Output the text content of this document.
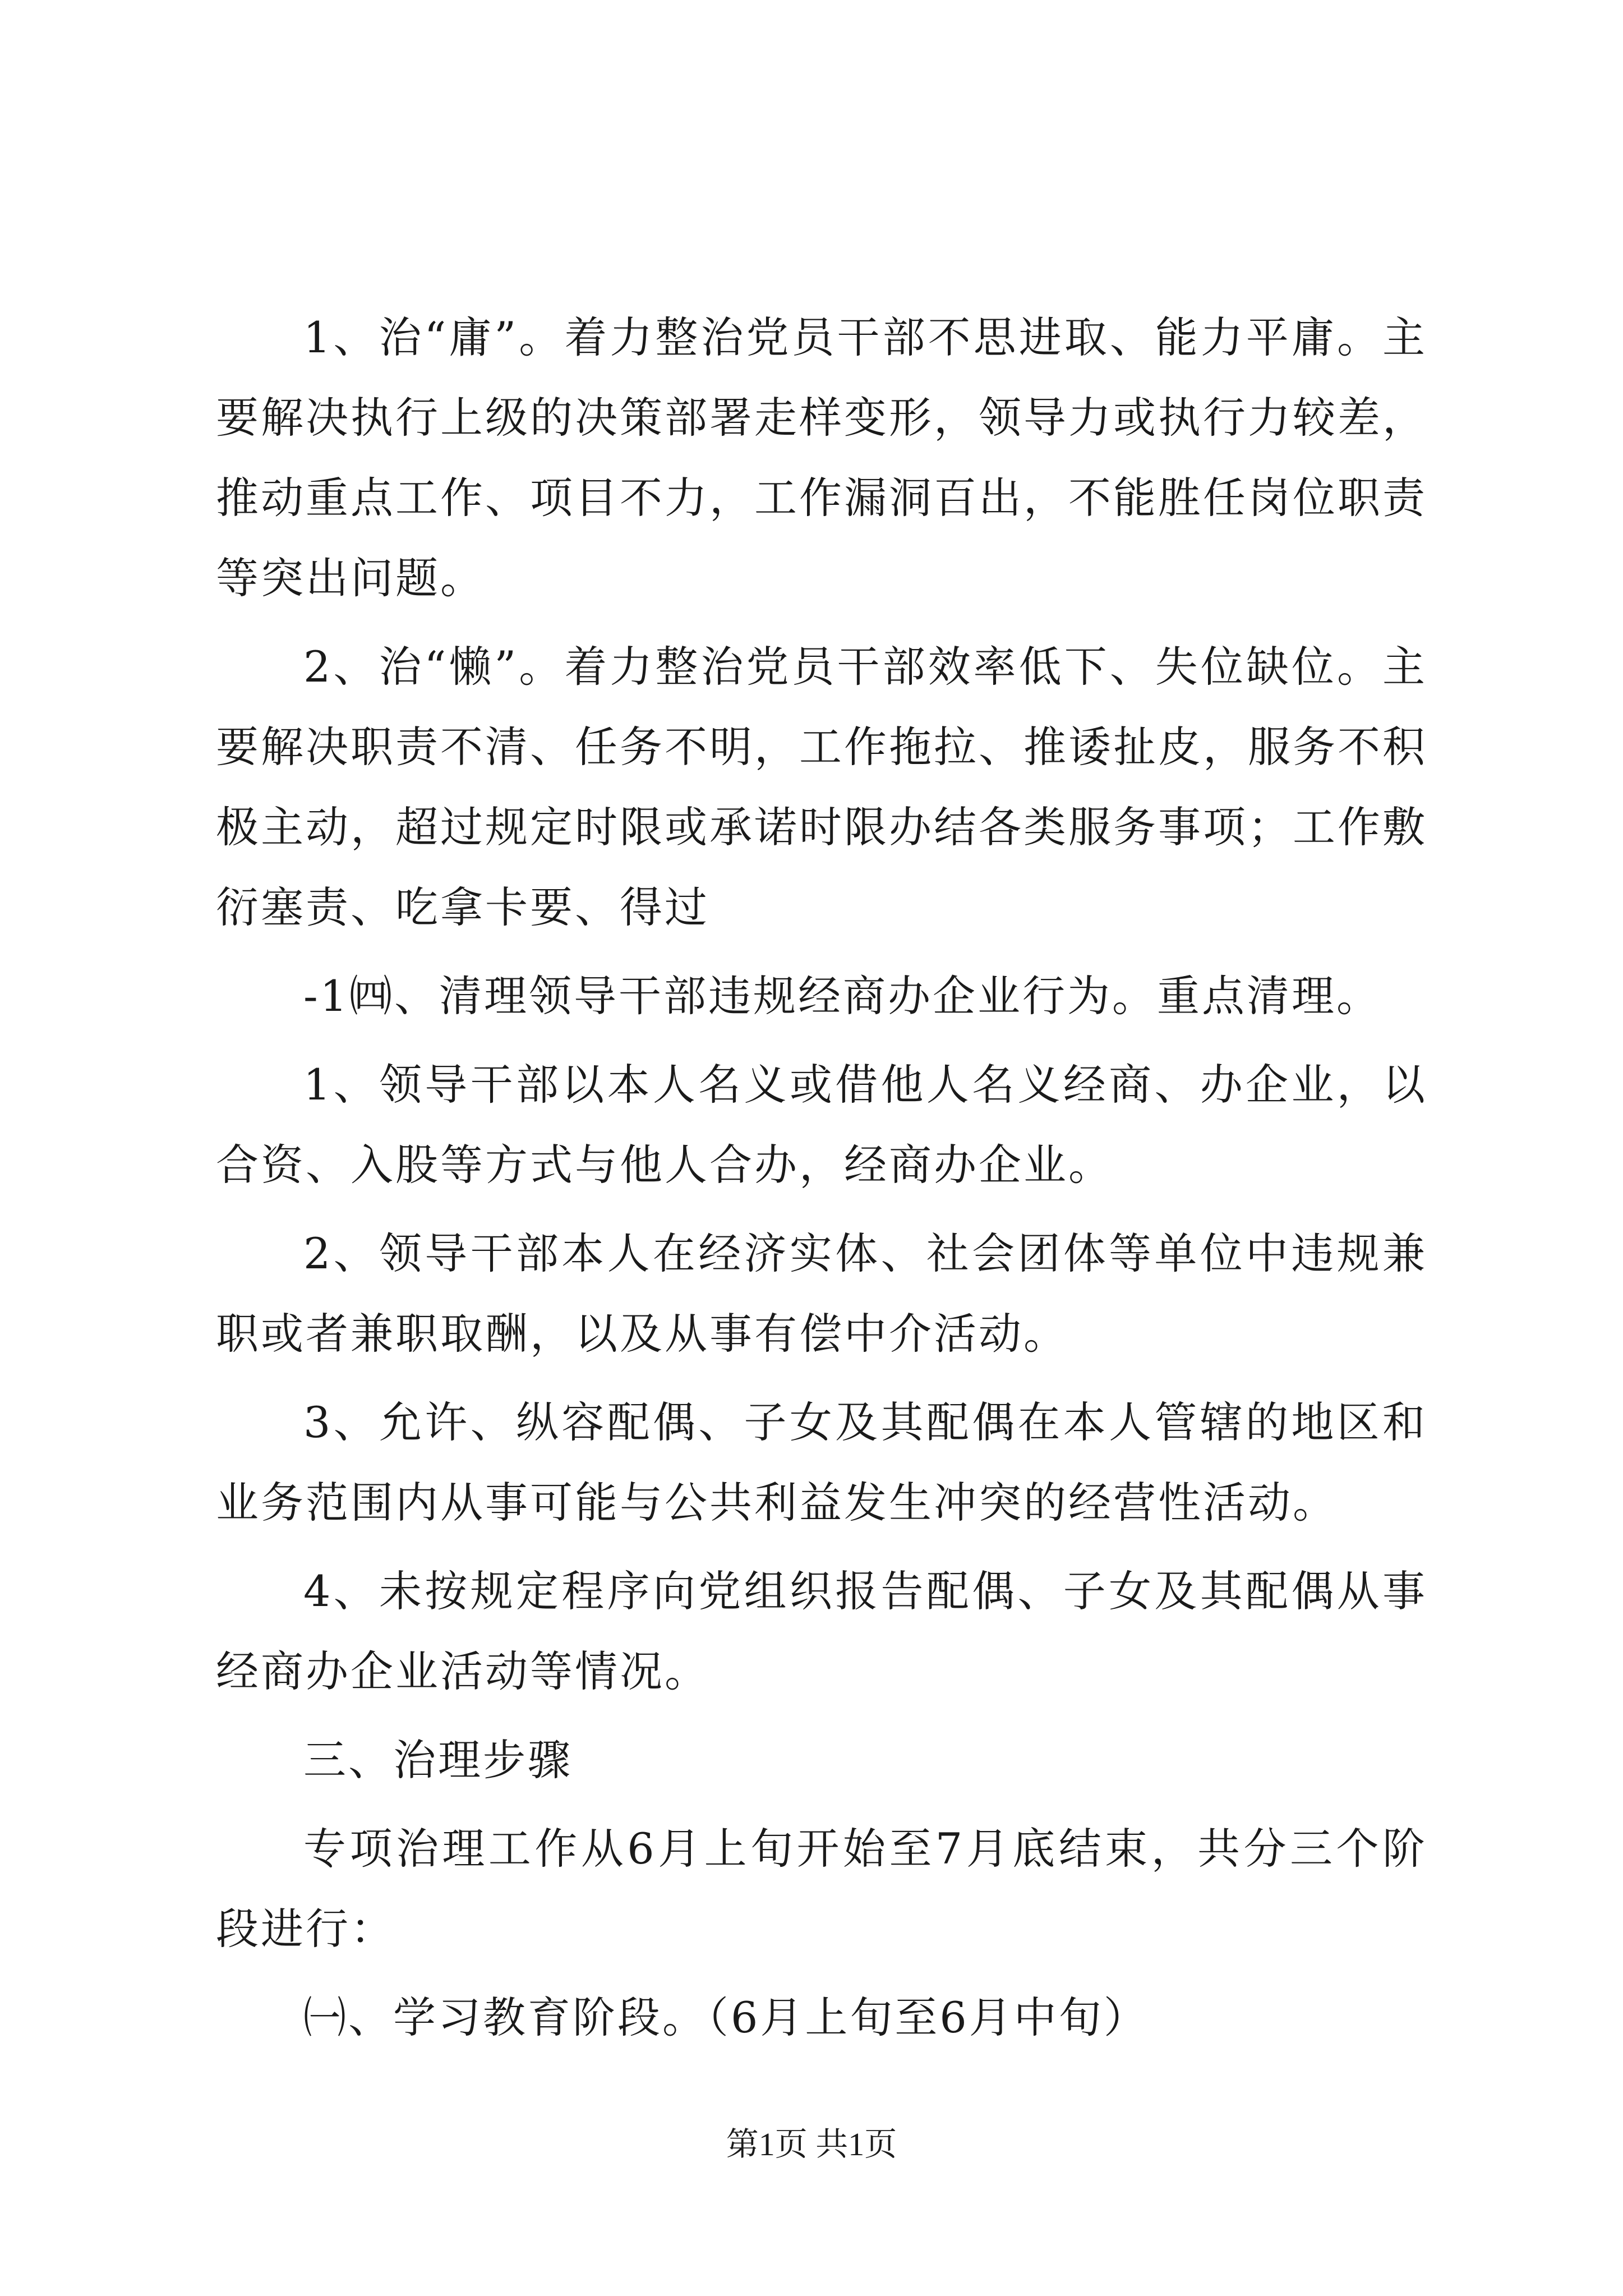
1、治“庸”。着力整治党员干部不思进取、能力平庸。主要解决执行上级的决策部署走样变形，领导力或执行力较差，推动重点工作、项目不力，工作漏洞百出，不能胜任岗位职责等突出问题。

2、治“懒”。着力整治党员干部效率低下、失位缺位。主要解决职责不清、任务不明，工作拖拉、推诿扯皮，服务不积极主动，超过规定时限或承诺时限办结各类服务事项；工作敷衍塞责、吃拿卡要、得过

-1㈣、清理领导干部违规经商办企业行为。重点清理。

1、领导干部以本人名义或借他人名义经商、办企业，以合资、入股等方式与他人合办，经商办企业。

2、领导干部本人在经济实体、社会团体等单位中违规兼职或者兼职取酬，以及从事有偿中介活动。

3、允许、纵容配偶、子女及其配偶在本人管辖的地区和业务范围内从事可能与公共利益发生冲突的经营性活动。

4、未按规定程序向党组织报告配偶、子女及其配偶从事经商办企业活动等情况。

三、治理步骤

专项治理工作从6月上旬开始至7月底结束，共分三个阶段进行：

㈠、学习教育阶段。（6月上旬至6月中旬）

第1页 共1页
